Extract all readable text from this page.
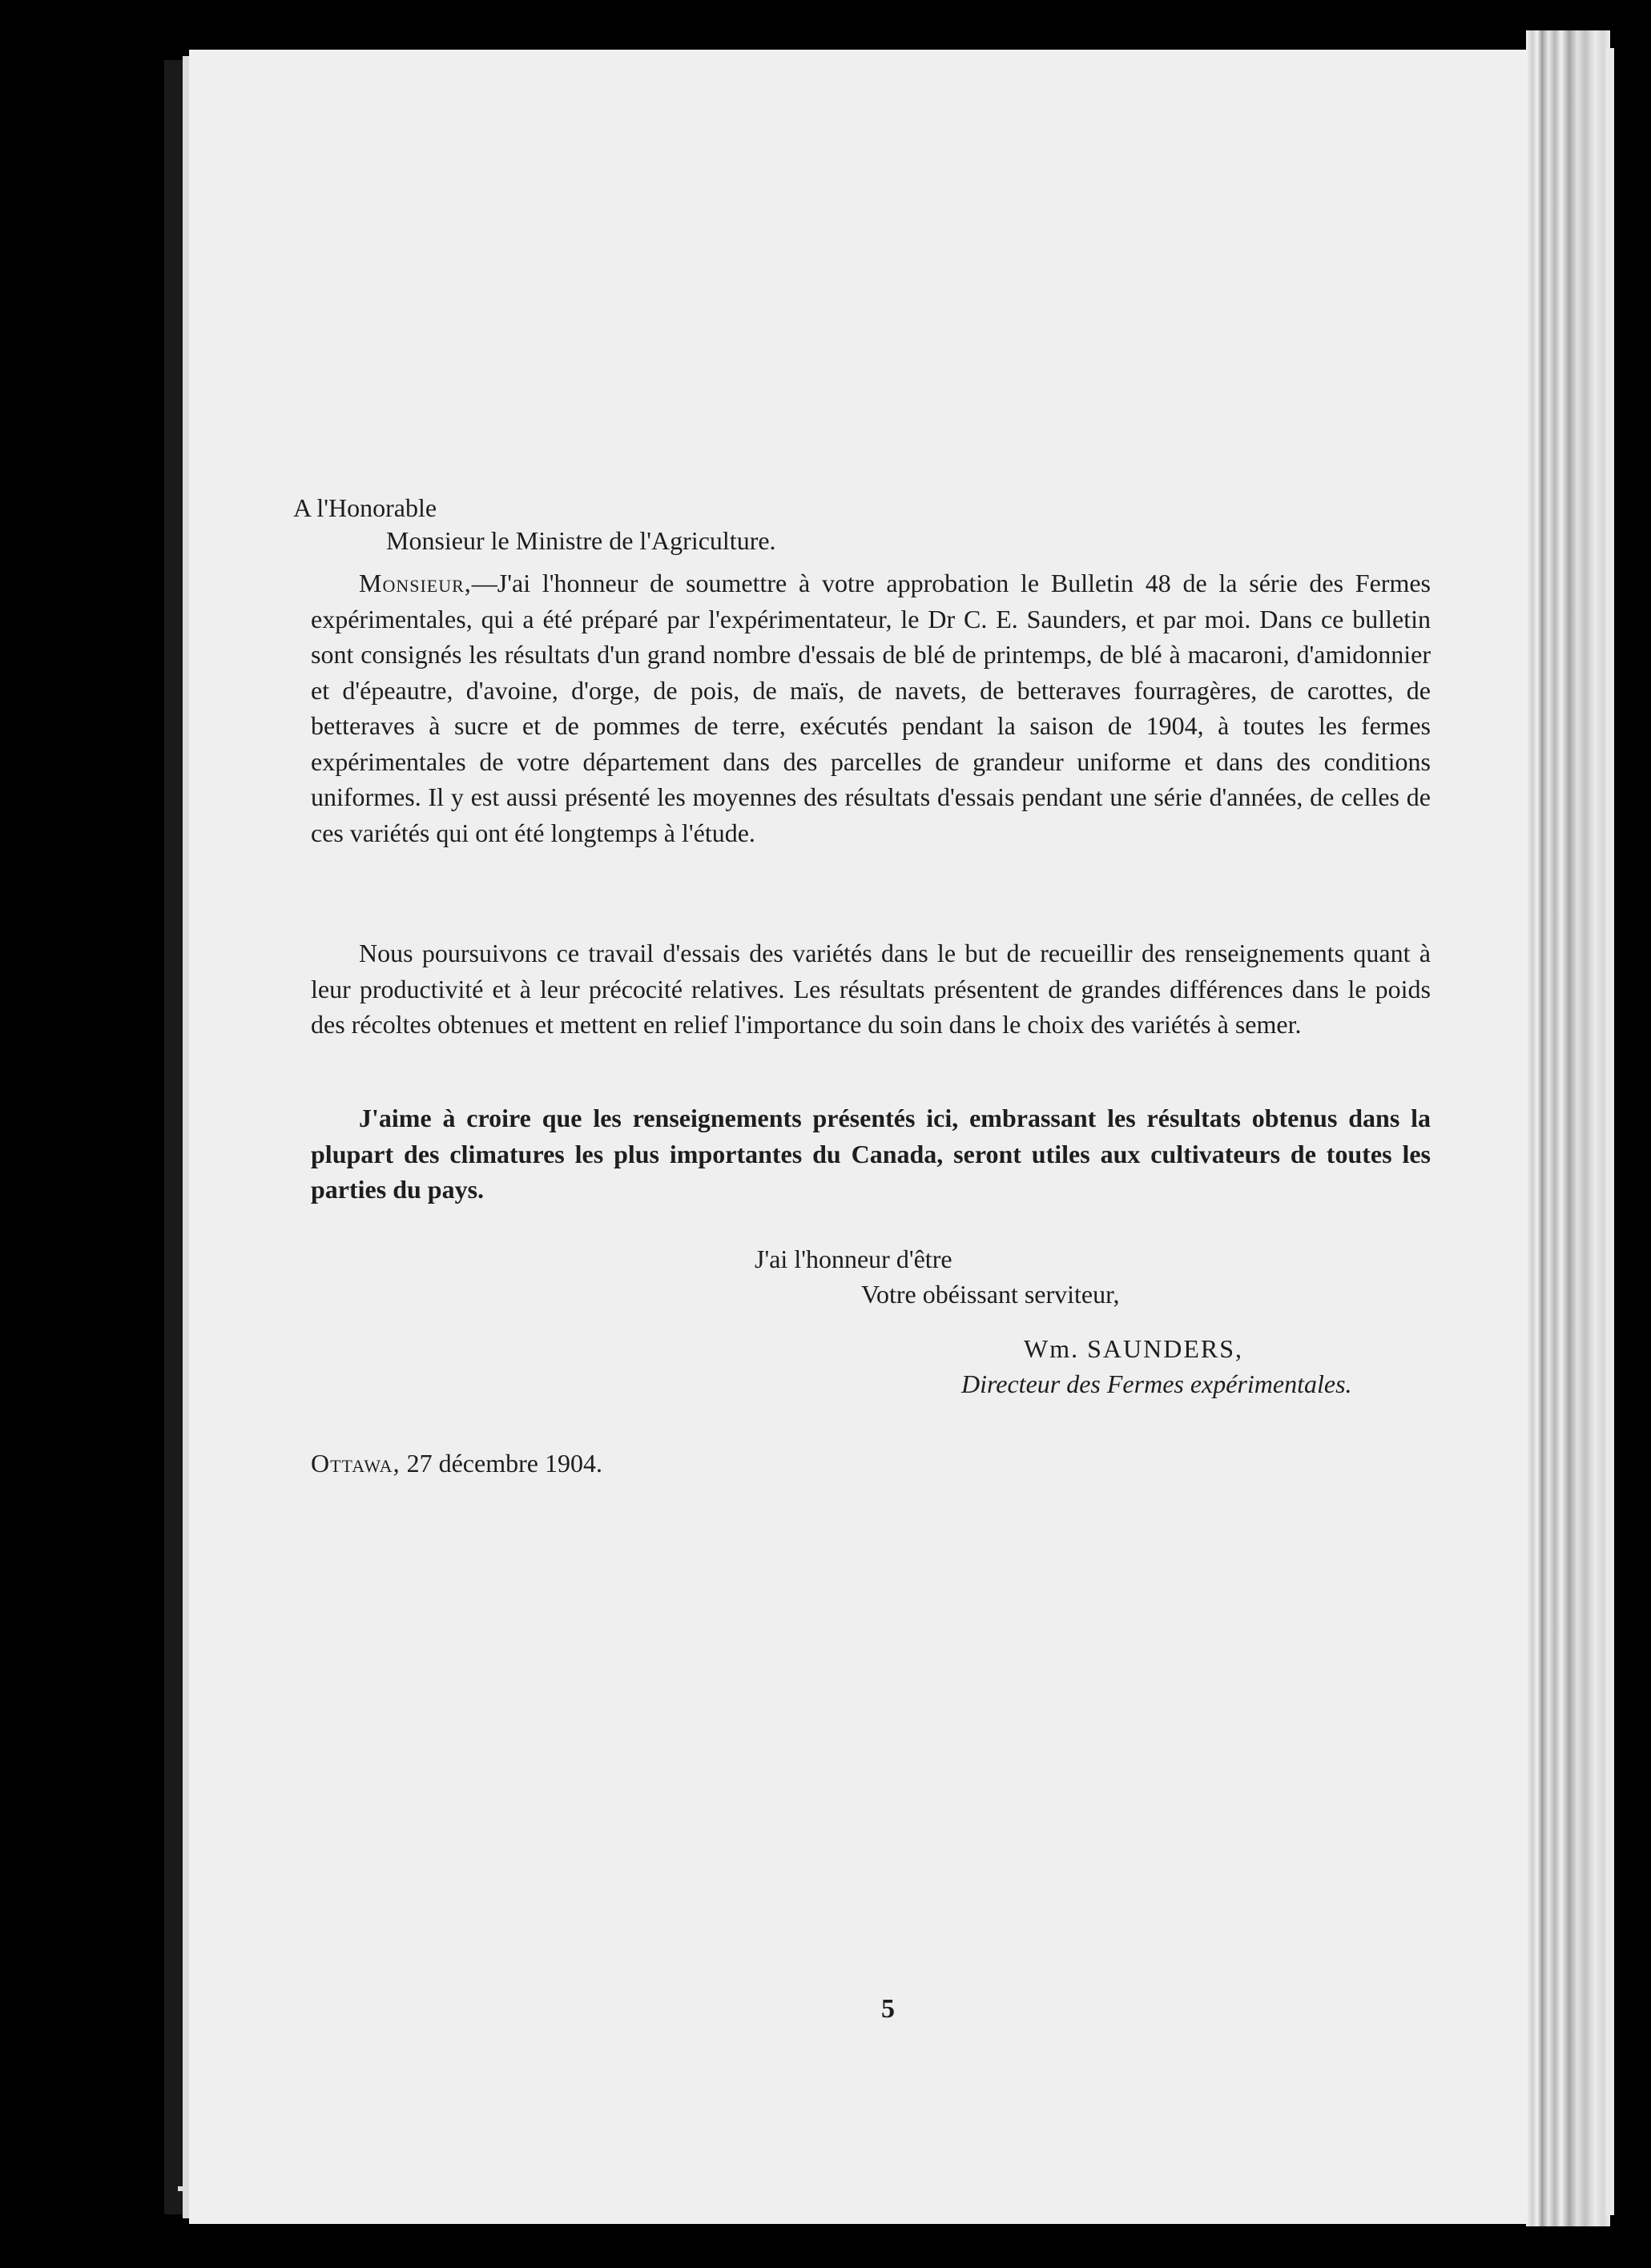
A l'Honorable
Monsieur le Ministre de l'Agriculture.
Monsieur,—J'ai l'honneur de soumettre à votre approbation le Bulletin 48 de la série des Fermes expérimentales, qui a été préparé par l'expérimentateur, le Dr C. E. Saunders, et par moi. Dans ce bulletin sont consignés les résultats d'un grand nombre d'essais de blé de printemps, de blé à macaroni, d'amidonnier et d'épeautre, d'avoine, d'orge, de pois, de maïs, de navets, de betteraves fourragères, de carottes, de betteraves à sucre et de pommes de terre, exécutés pendant la saison de 1904, à toutes les fermes expérimentales de votre département dans des parcelles de grandeur uniforme et dans des conditions uniformes. Il y est aussi présenté les moyennes des résultats d'essais pendant une série d'années, de celles de ces variétés qui ont été longtemps à l'étude.
Nous poursuivons ce travail d'essais des variétés dans le but de recueillir des renseignements quant à leur productivité et à leur précocité relatives. Les résultats présentent de grandes différences dans le poids des récoltes obtenues et mettent en relief l'importance du soin dans le choix des variétés à semer.
J'aime à croire que les renseignements présentés ici, embrassant les résultats obtenus dans la plupart des climatures les plus importantes du Canada, seront utiles aux cultivateurs de toutes les parties du pays.
J'ai l'honneur d'être
Votre obéissant serviteur,
Wm. SAUNDERS,
Directeur des Fermes expérimentales.
Ottawa, 27 décembre 1904.
5
